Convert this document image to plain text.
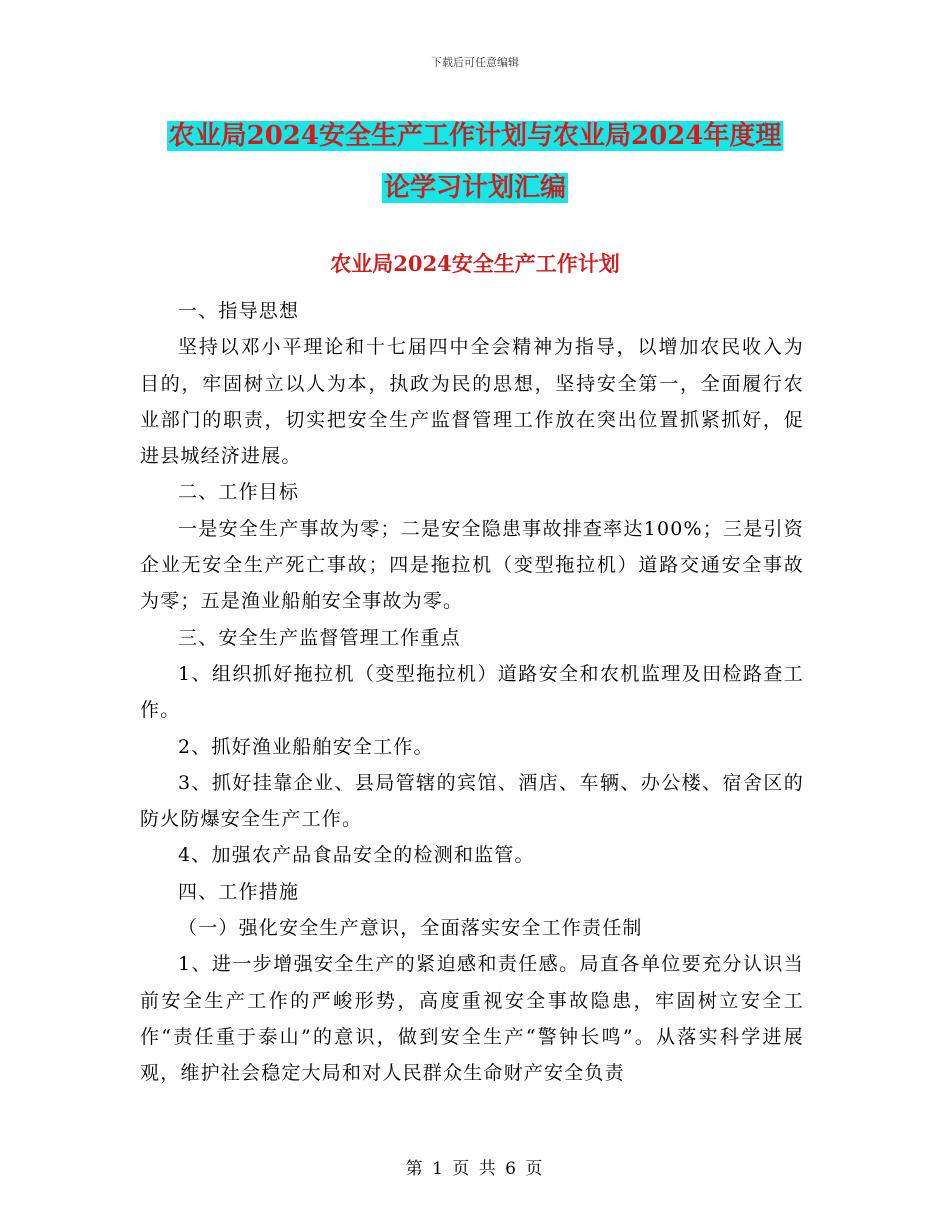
下载后可任意编辑
农业局2024安全生产工作计划与农业局2024年度理
论学习计划汇编
农业局2024安全生产工作计划

一、指导思想

坚持以邓小平理论和十七届四中全会精神为指导，以增加农民收入为目的，牢固树立以人为本，执政为民的思想，坚持安全第一，全面履行农业部门的职责，切实把安全生产监督管理工作放在突出位置抓紧抓好，促进县城经济进展。

二、工作目标

一是安全生产事故为零；二是安全隐患事故排查率达100%；三是引资企业无安全生产死亡事故；四是拖拉机（变型拖拉机）道路交通安全事故为零；五是渔业船舶安全事故为零。

三、安全生产监督管理工作重点

1、组织抓好拖拉机（变型拖拉机）道路安全和农机监理及田检路查工作。

2、抓好渔业船舶安全工作。

3、抓好挂靠企业、县局管辖的宾馆、酒店、车辆、办公楼、宿舍区的防火防爆安全生产工作。

4、加强农产品食品安全的检测和监管。

四、工作措施

（一）强化安全生产意识，全面落实安全工作责任制

1、进一步增强安全生产的紧迫感和责任感。局直各单位要充分认识当前安全生产工作的严峻形势，高度重视安全事故隐患，牢固树立安全工作“责任重于泰山”的意识，做到安全生产“警钟长鸣”。从落实科学进展观，维护社会稳定大局和对人民群众生命财产安全负责

第 1 页 共 6 页
